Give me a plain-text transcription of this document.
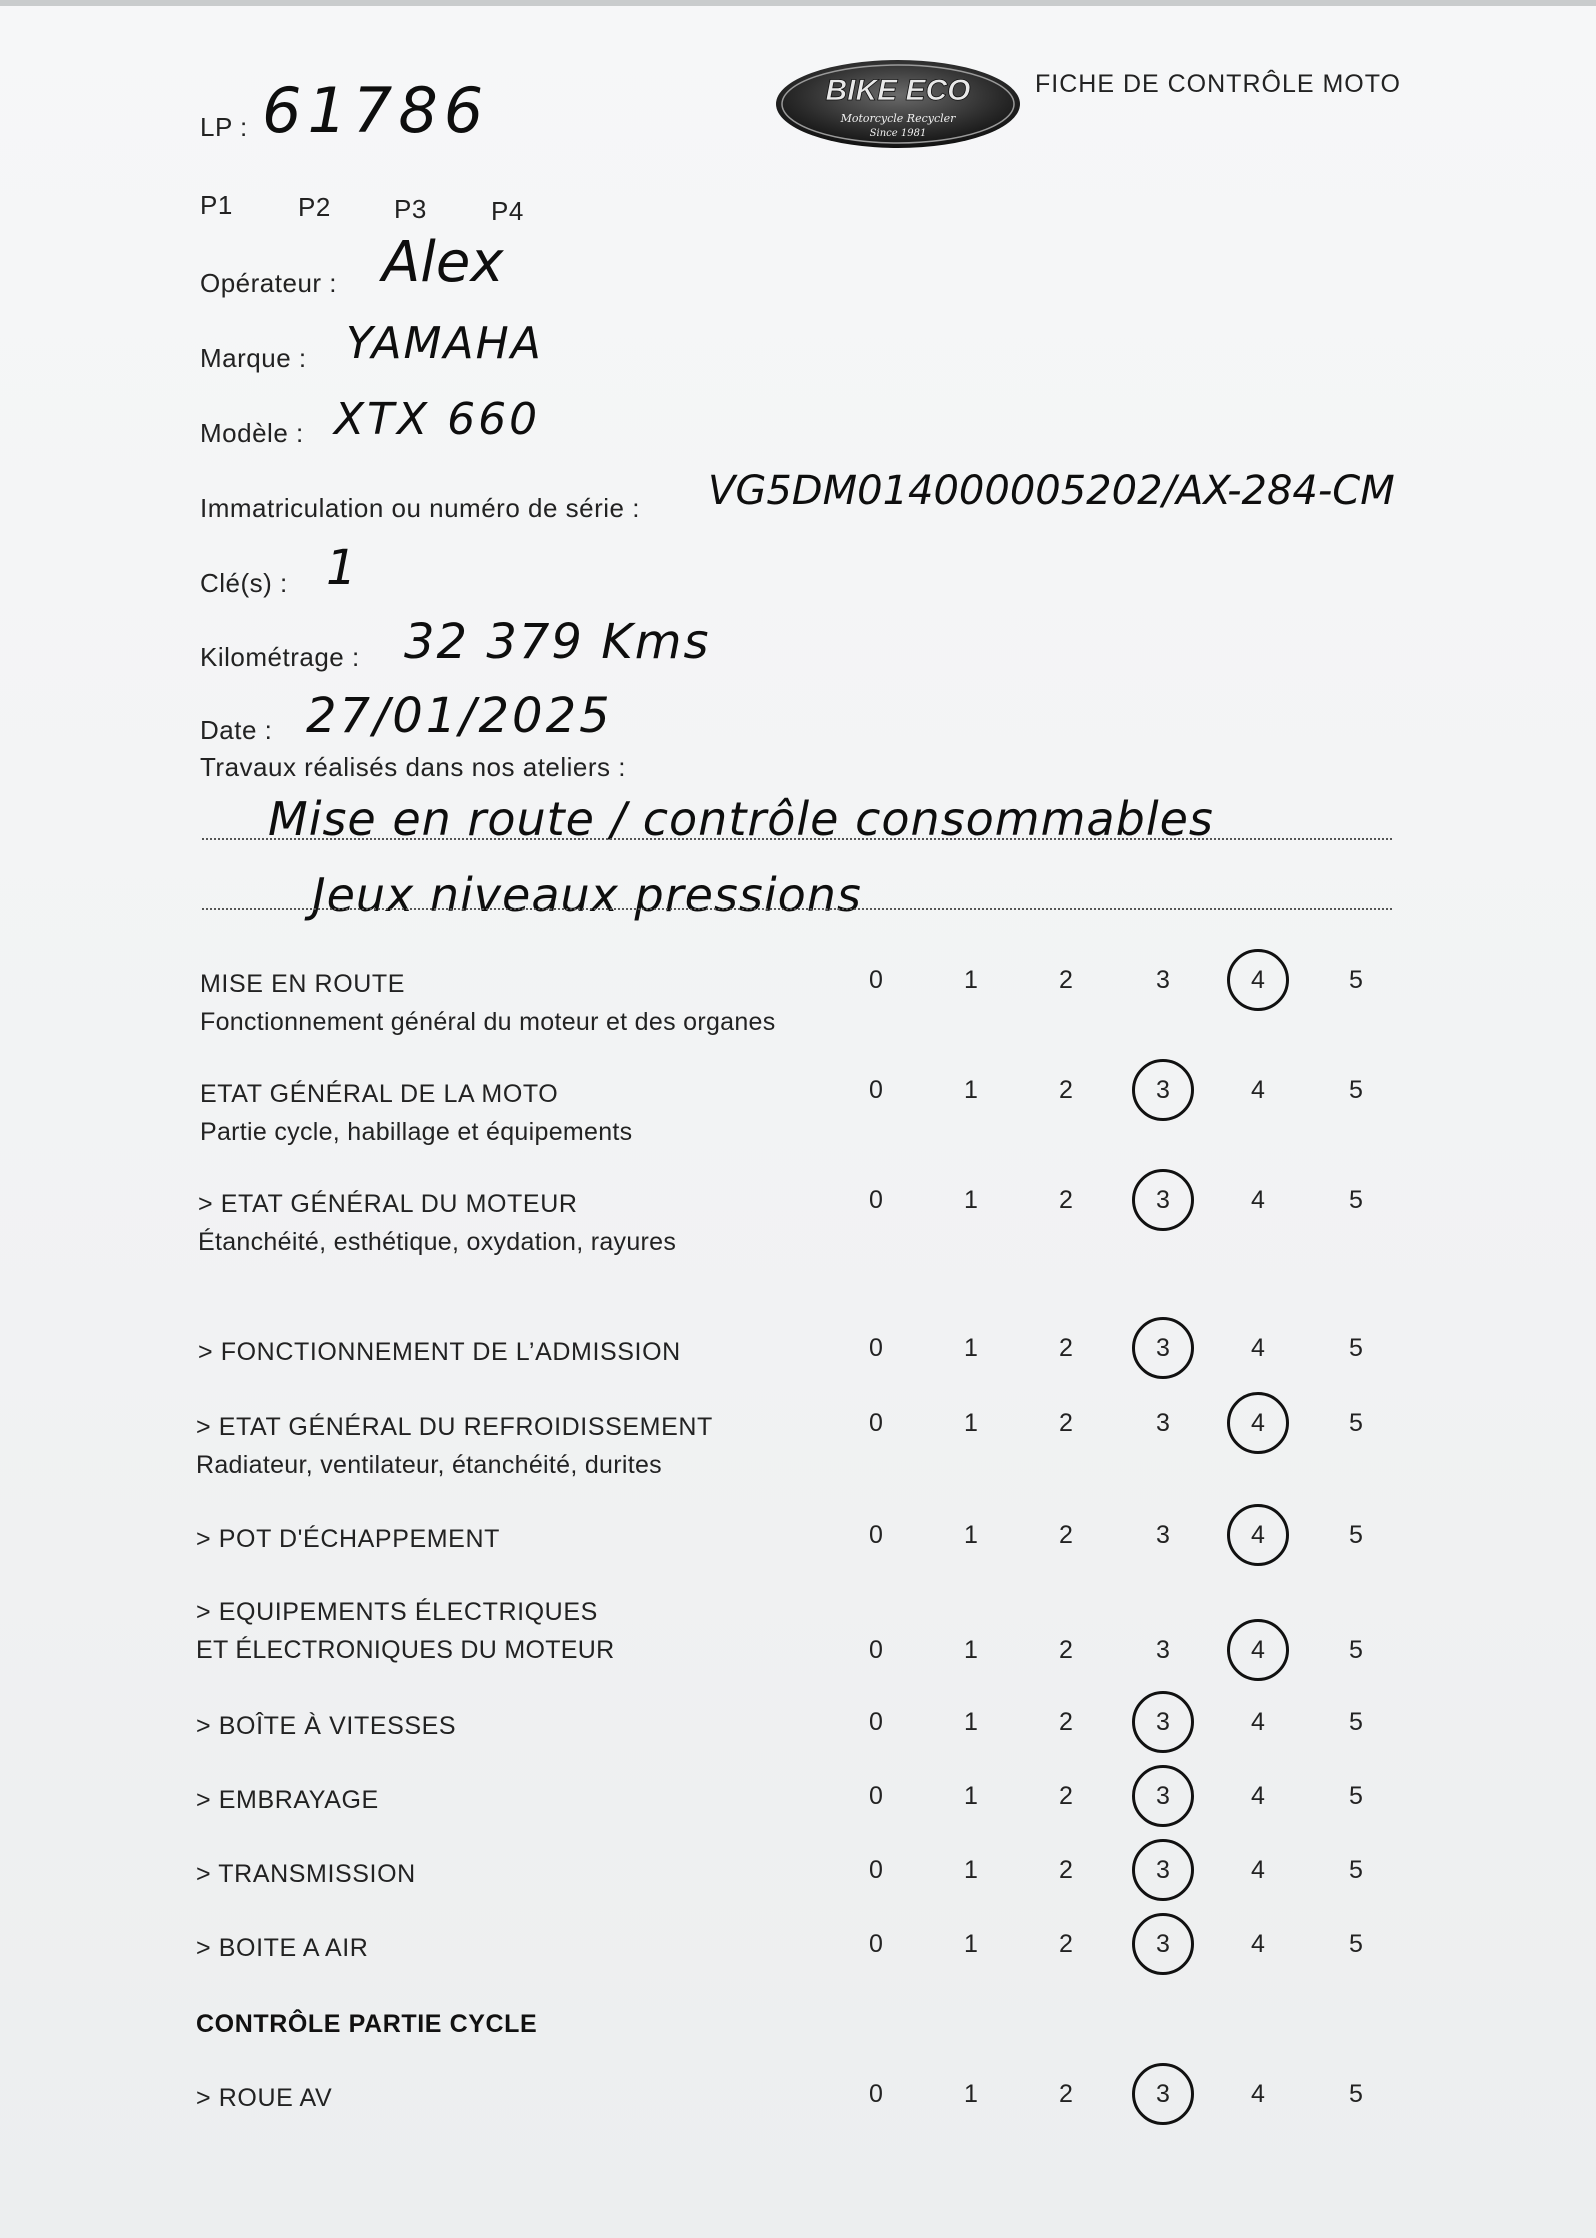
LP : 61786	BIKE ECO
Motorcycle Recycler
Since 1981
FICHE DE CONTRÔLE MOTO
P1	P2 P3 P4
Opérateur : Alex
Marque : YAMAHA
Modèle : XTX 660
Immatriculation ou numéro de série : VG5DM014000005202/AX-284-CM
Clé(s) : 1
Kilométrage : 32 379 Kms
Date : 27/01/2025
Travaux réalisés dans nos ateliers :
Mise en route / contrôle consommables
Jeux niveaux pressions
MISE EN ROUTE
Fonctionnement général du moteur et des organes
0	1	2	3	4	5
ETAT GÉNÉRAL DE LA MOTO
Partie cycle, habillage et équipements
0	1	2	3	4	5
> ETAT GÉNÉRAL DU MOTEUR
Étanchéité, esthétique, oxydation, rayures
0	1	2	3	4	5
> FONCTIONNEMENT DE L’ADMISSION	0	1	2	3	4	5
> ETAT GÉNÉRAL DU REFROIDISSEMENT
Radiateur, ventilateur, étanchéité, durites
0	1	2	3	4	5
> POT D'ÉCHAPPEMENT	0	1	2	3	4	5
> EQUIPEMENTS ÉLECTRIQUES
ET ÉLECTRONIQUES DU MOTEUR	0	1	2	3	4	5
> BOÎTE À VITESSES	0	1	2	3	4	5
> EMBRAYAGE	0	1	2	3	4	5
> TRANSMISSION	0	1	2	3	4	5
> BOITE A AIR	0	1	2	3	4	5
> ROUE AV	0	1	2	3	4	5
CONTRÔLE PARTIE CYCLE
